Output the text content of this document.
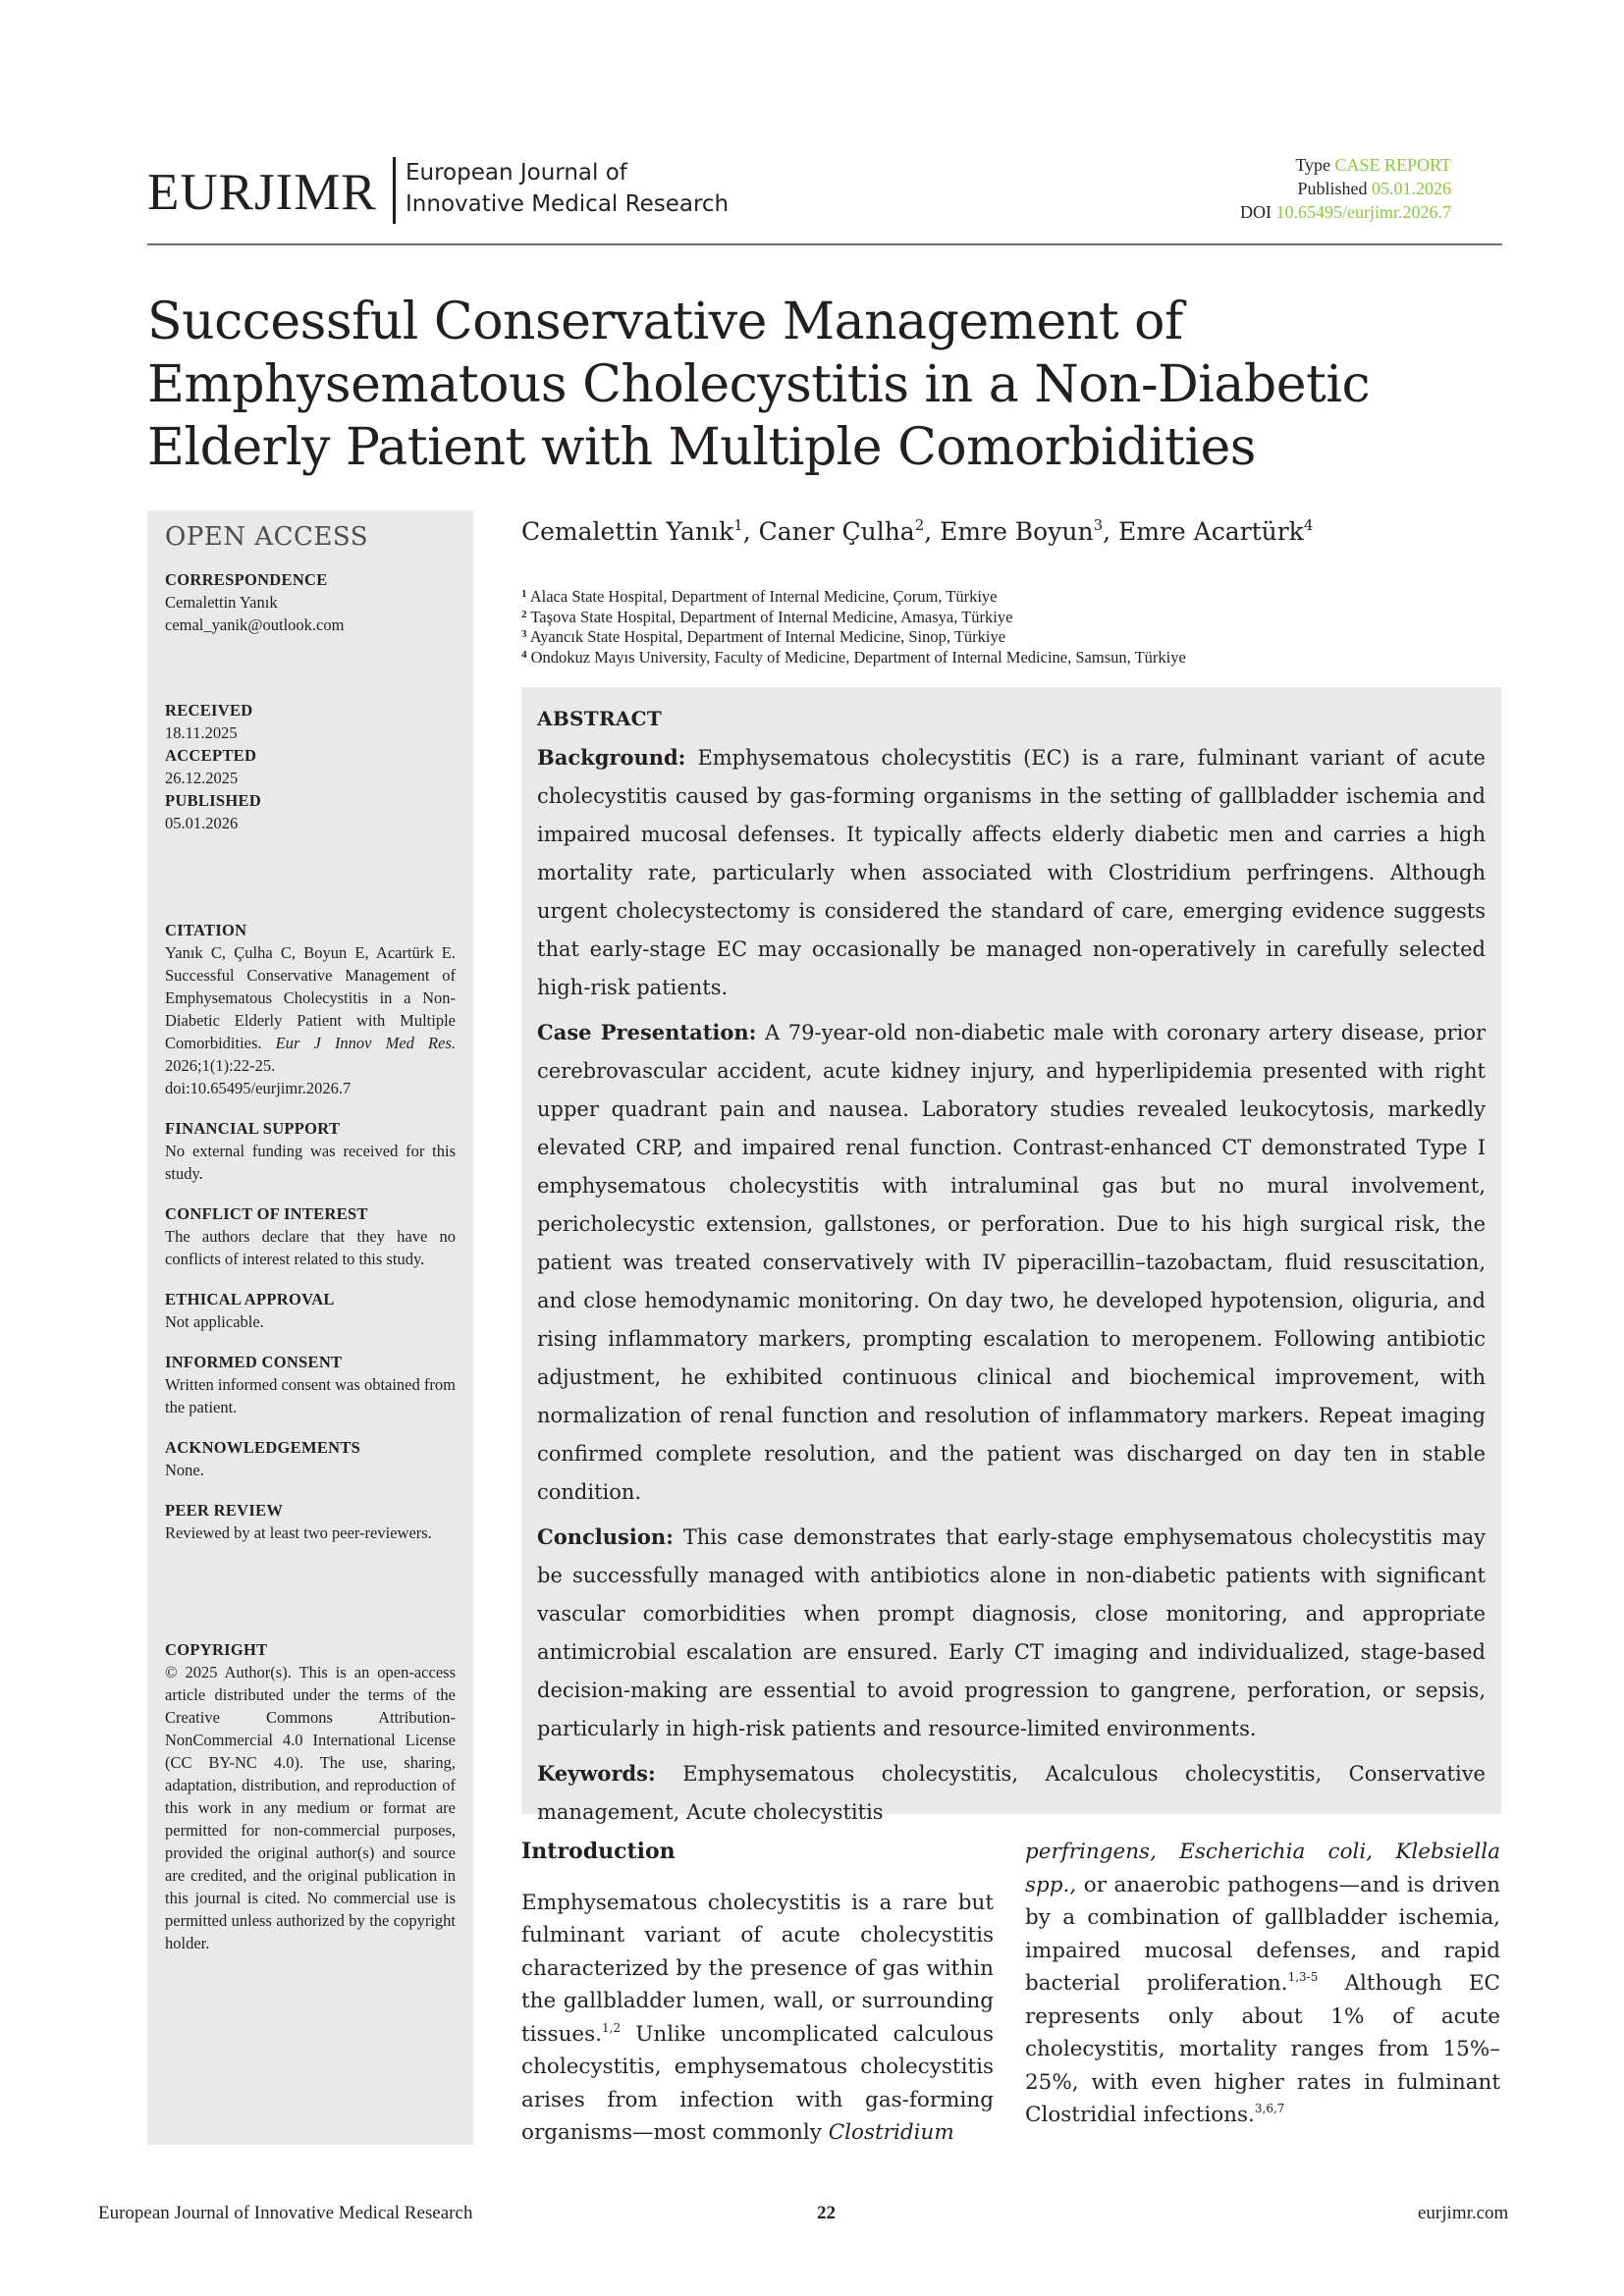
EURJIMR European Journal of
Innovative Medical Research
Type CASE REPORT
Published 05.01.2026
DOI 10.65495/eurjimr.2026.7
Successful Conservative Management of Emphysematous Cholecystitis in a Non-Diabetic Elderly Patient with Multiple Comorbidities
OPEN ACCESS
CORRESPONDENCE
Cemalettin Yanık
cemal_yanik@outlook.com
RECEIVED
18.11.2025
ACCEPTED
26.12.2025
PUBLISHED
05.01.2026
CITATION
Yanık C, Çulha C, Boyun E, Acartürk E. Successful Conservative Management of Emphysematous Cholecystitis in a Non-Diabetic Elderly Patient with Multiple Comorbidities. Eur J Innov Med Res. 2026;1(1):22-25. doi:10.65495/eurjimr.2026.7
FINANCIAL SUPPORT
No external funding was received for this study.
CONFLICT OF INTEREST
The authors declare that they have no conflicts of interest related to this study.
ETHICAL APPROVAL
Not applicable.
INFORMED CONSENT
Written informed consent was obtained from the patient.
ACKNOWLEDGEMENTS
None.
PEER REVIEW
Reviewed by at least two peer-reviewers.
COPYRIGHT
© 2025 Author(s). This is an open-access article distributed under the terms of the Creative Commons Attribution-NonCommercial 4.0 International License (CC BY-NC 4.0). The use, sharing, adaptation, distribution, and reproduction of this work in any medium or format are permitted for non-commercial purposes, provided the original author(s) and source are credited, and the original publication in this journal is cited. No commercial use is permitted unless authorized by the copyright holder.
Cemalettin Yanık$^1$, Caner Çulha$^2$, Emre Boyun$^3$, Emre Acartürk$^4$
$^1$ Alaca State Hospital, Department of Internal Medicine, Çorum, Türkiye
$^2$ Taşova State Hospital, Department of Internal Medicine, Amasya, Türkiye
$^3$ Ayancık State Hospital, Department of Internal Medicine, Sinop, Türkiye
$^4$ Ondokuz Mayıs University, Faculty of Medicine, Department of Internal Medicine, Samsun, Türkiye
ABSTRACT

Background: Emphysematous cholecystitis (EC) is a rare, fulminant variant of acute cholecystitis caused by gas-forming organisms in the setting of gallbladder ischemia and impaired mucosal defenses. It typically affects elderly diabetic men and carries a high mortality rate, particularly when associated with Clostridium perfringens. Although urgent cholecystectomy is considered the standard of care, emerging evidence suggests that early-stage EC may occasionally be managed non-operatively in carefully selected high-risk patients.

Case Presentation: A 79-year-old non-diabetic male with coronary artery disease, prior cerebrovascular accident, acute kidney injury, and hyperlipidemia presented with right upper quadrant pain and nausea. Laboratory studies revealed leukocytosis, markedly elevated CRP, and impaired renal function. Contrast-enhanced CT demonstrated Type I emphysematous cholecystitis with intraluminal gas but no mural involvement, pericholecystic extension, gallstones, or perforation. Due to his high surgical risk, the patient was treated conservatively with IV piperacillin–tazobactam, fluid resuscitation, and close hemodynamic monitoring. On day two, he developed hypotension, oliguria, and rising inflammatory markers, prompting escalation to meropenem. Following antibiotic adjustment, he exhibited continuous clinical and biochemical improvement, with normalization of renal function and resolution of inflammatory markers. Repeat imaging confirmed complete resolution, and the patient was discharged on day ten in stable condition.

Conclusion: This case demonstrates that early-stage emphysematous cholecystitis may be successfully managed with antibiotics alone in non-diabetic patients with significant vascular comorbidities when prompt diagnosis, close monitoring, and appropriate antimicrobial escalation are ensured. Early CT imaging and individualized, stage-based decision-making are essential to avoid progression to gangrene, perforation, or sepsis, particularly in high-risk patients and resource-limited environments.

Keywords: Emphysematous cholecystitis, Acalculous cholecystitis, Conservative management, Acute cholecystitis

Introduction

Emphysematous cholecystitis is a rare but fulminant variant of acute cholecystitis characterized by the presence of gas within the gallbladder lumen, wall, or surrounding tissues.$^{1,2}$ Unlike uncomplicated calculous cholecystitis, emphysematous cholecystitis arises from infection with gas-forming organisms—most commonly Clostridium

perfringens, Escherichia coli, Klebsiella spp., or anaerobic pathogens—and is driven by a combination of gallbladder ischemia, impaired mucosal defenses, and rapid bacterial proliferation.$^{1,3-5}$ Although EC represents only about 1% of acute cholecystitis, mortality ranges from 15%–25%, with even higher rates in fulminant Clostridial infections.$^{3,6,7}$

European Journal of Innovative Medical Research	22	eurjimr.com
